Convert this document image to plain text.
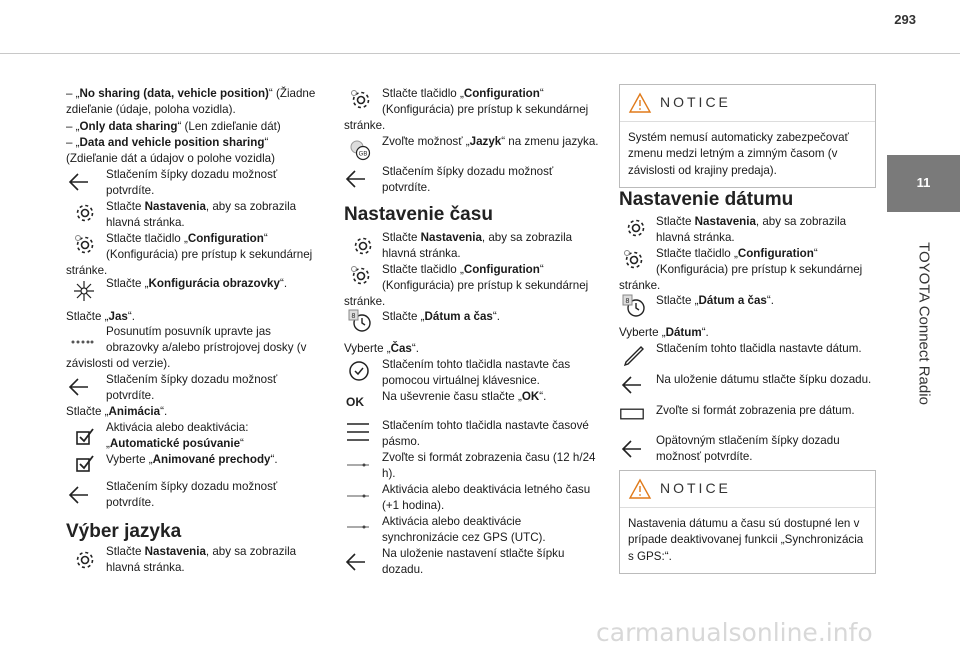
293
11
TOYOTA Connect Radio

– „No sharing (data, vehicle position)“ (Žiadne

zdieľanie (údaje, poloha vozidla).

– „Only data sharing“ (Len zdieľanie dát)

– „Data and vehicle position sharing“

(Zdieľanie dát a údajov o polohe vozidla)

Stlačením šípky dozadu možnosť

potvrdíte.

Stlačte Nastavenia, aby sa zobrazila

hlavná stránka.

Stlačte tlačidlo „Configuration“

(Konfigurácia) pre prístup k sekundárnej

stránke.

Stlačte „Konfigurácia obrazovky“.

Stlačte „Jas“.

Posunutím posuvník upravte jas

obrazovky a/alebo prístrojovej dosky (v

závislosti od verzie).

Stlačením šípky dozadu možnosť

potvrdíte.

Stlačte „Animácia“.

Aktivácia alebo deaktivácia:

„Automatické posúvanie“

Vyberte „Animované prechody“.

Stlačením šípky dozadu možnosť

potvrdíte.

Výber jazyka

Stlačte Nastavenia, aby sa zobrazila

hlavná stránka.

Stlačte tlačidlo „Configuration“

(Konfigurácia) pre prístup k sekundárnej

stránke.

GB

Zvoľte možnosť „Jazyk“ na zmenu jazyka.

Stlačením šípky dozadu možnosť

potvrdíte.

Nastavenie času

Stlačte Nastavenia, aby sa zobrazila

hlavná stránka.

Stlačte tlačidlo „Configuration“

(Konfigurácia) pre prístup k sekundárnej

stránke.

8 Stlačte „Dátum a čas“.

Vyberte „Čas“.

Stlačením tohto tlačidla nastavte čas

pomocou virtuálnej klávesnice.

OK Na uševrenie času stlačte „OK“.

Stlačením tohto tlačidla nastavte časové

pásmo.

Zvoľte si formát zobrazenia času (12 h/24

h).

Aktivácia alebo deaktivácia letného času

(+1 hodina).

Aktivácia alebo deaktivácie

synchronizácie cez GPS (UTC).

Na uloženie nastavení stlačte šípku

dozadu.

NOTICE

Systém nemusí automaticky zabezpečovať

zmenu medzi letným a zimným časom (v

závislosti od krajiny predaja).

Nastavenie dátumu

Stlačte Nastavenia, aby sa zobrazila

hlavná stránka.

Stlačte tlačidlo „Configuration“

(Konfigurácia) pre prístup k sekundárnej

stránke.

8 Stlačte „Dátum a čas“.

Vyberte „Dátum“.

Stlačením tohto tlačidla nastavte dátum.

Na uloženie dátumu stlačte šípku dozadu.

Zvoľte si formát zobrazenia pre dátum.

Opätovným stlačením šípky dozadu

možnosť potvrdíte.

NOTICE

Nastavenia dátumu a času sú dostupné len v

prípade deaktivovanej funkcii „Synchronizácia

s GPS:“.

carmanualsonline.info
